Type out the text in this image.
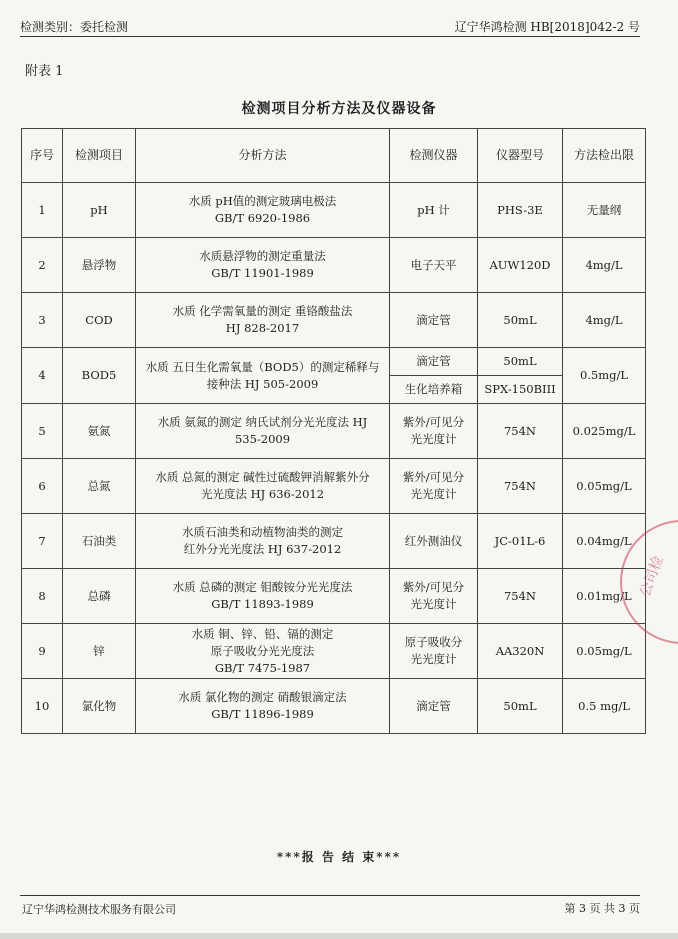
检测类别：委托检测	辽宁华鸿检测 HB[2018]042-2 号
附表 1
检测项目分析方法及仪器设备
序号	检测项目	分析方法	检测仪器	仪器型号	方法检出限
1	pH	水质 pH值的测定玻璃电极法
GB/T 6920-1986	pH 计	PHS-3E	无量纲
2	悬浮物	水质悬浮物的测定重量法
GB/T 11901-1989	电子天平	AUW120D	4mg/L
3	COD	水质 化学需氧量的测定 重铬酸盐法
HJ 828-2017	滴定管	50mL	4mg/L
4	BOD5	水质 五日生化需氧量（BOD5）的测定稀释与
接种法 HJ 505-2009	滴定管	50mL	0.5mg/L
			生化培养箱	SPX-150BIII	
5	氨氮	水质 氨氮的测定 纳氏试剂分光光度法 HJ
535-2009	紫外/可见分
光光度计	754N	0.025mg/L
6	总氮	水质 总氮的测定 碱性过硫酸钾消解紫外分
光光度法 HJ 636-2012	紫外/可见分
光光度计	754N	0.05mg/L
7	石油类	水质石油类和动植物油类的测定
红外分光光度法 HJ 637-2012	红外测油仪	JC-01L-6	0.04mg/L
8	总磷	水质 总磷的测定 钼酸铵分光光度法
GB/T 11893-1989	紫外/可见分
光光度计	754N	0.01mg/L
9	锌	水质 铜、锌、铅、镉的测定
原子吸收分光光度法
GB/T 7475-1987	原子吸收分
光光度计	AA320N	0.05mg/L
10	氯化物	水质 氯化物的测定 硝酸银滴定法
GB/T 11896-1989	滴定管	50mL	0.5 mg/L
公司检
***报 告 结 束***
辽宁华鸿检测技术服务有限公司	第 3 页 共 3 页
